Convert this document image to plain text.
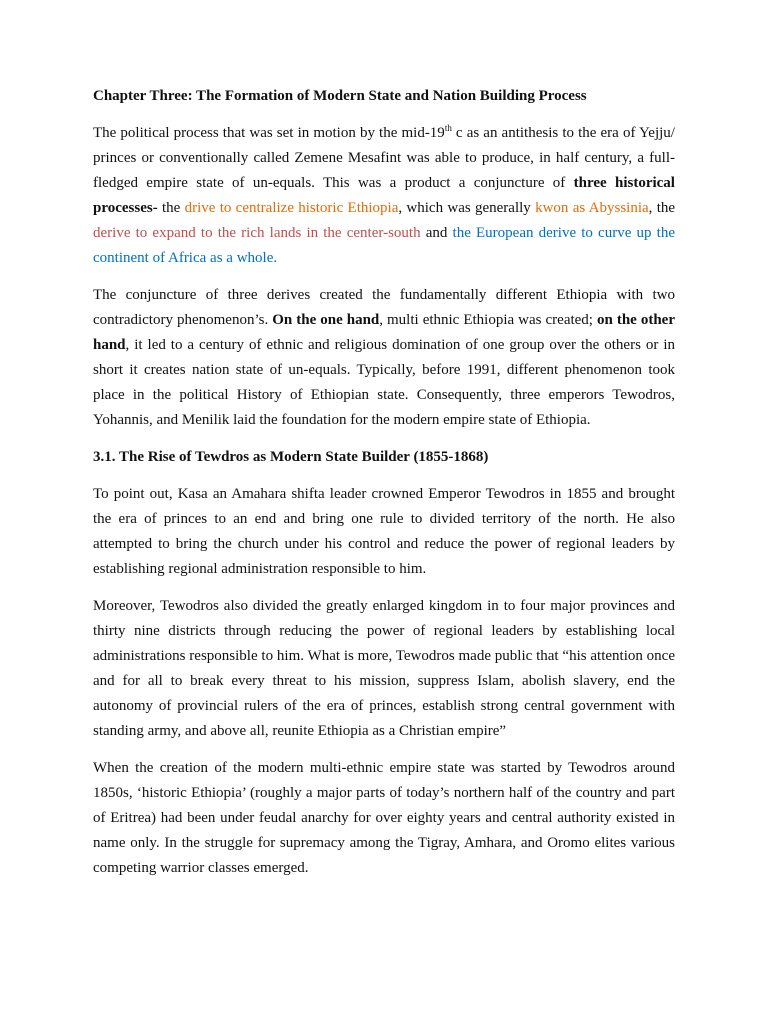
Chapter Three: The Formation of Modern State and Nation Building Process

The political process that was set in motion by the mid-19th c as an antithesis to the era of Yejju/ princes or conventionally called Zemene Mesafint was able to produce, in half century, a full-fledged empire state of un-equals. This was a product a conjuncture of three historical processes- the drive to centralize historic Ethiopia, which was generally kwon as Abyssinia, the derive to expand to the rich lands in the center-south and the European derive to curve up the continent of Africa as a whole.

The conjuncture of three derives created the fundamentally different Ethiopia with two contradictory phenomenon’s. On the one hand, multi ethnic Ethiopia was created; on the other hand, it led to a century of ethnic and religious domination of one group over the others or in short it creates nation state of un-equals. Typically, before 1991, different phenomenon took place in the political History of Ethiopian state. Consequently, three emperors Tewodros, Yohannis, and Menilik laid the foundation for the modern empire state of Ethiopia.

3.1. The Rise of Tewdros as Modern State Builder (1855-1868)

To point out, Kasa an Amahara shifta leader crowned Emperor Tewodros in 1855 and brought the era of princes to an end and bring one rule to divided territory of the north. He also attempted to bring the church under his control and reduce the power of regional leaders by establishing regional administration responsible to him.

Moreover, Tewodros also divided the greatly enlarged kingdom in to four major provinces and thirty nine districts through reducing the power of regional leaders by establishing local administrations responsible to him. What is more, Tewodros made public that “his attention once and for all to break every threat to his mission, suppress Islam, abolish slavery, end the autonomy of provincial rulers of the era of princes, establish strong central government with standing army, and above all, reunite Ethiopia as a Christian empire”

When the creation of the modern multi-ethnic empire state was started by Tewodros around 1850s, ‘historic Ethiopia’ (roughly a major parts of today’s northern half of the country and part of Eritrea) had been under feudal anarchy for over eighty years and central authority existed in name only. In the struggle for supremacy among the Tigray, Amhara, and Oromo elites various competing warrior classes emerged.
